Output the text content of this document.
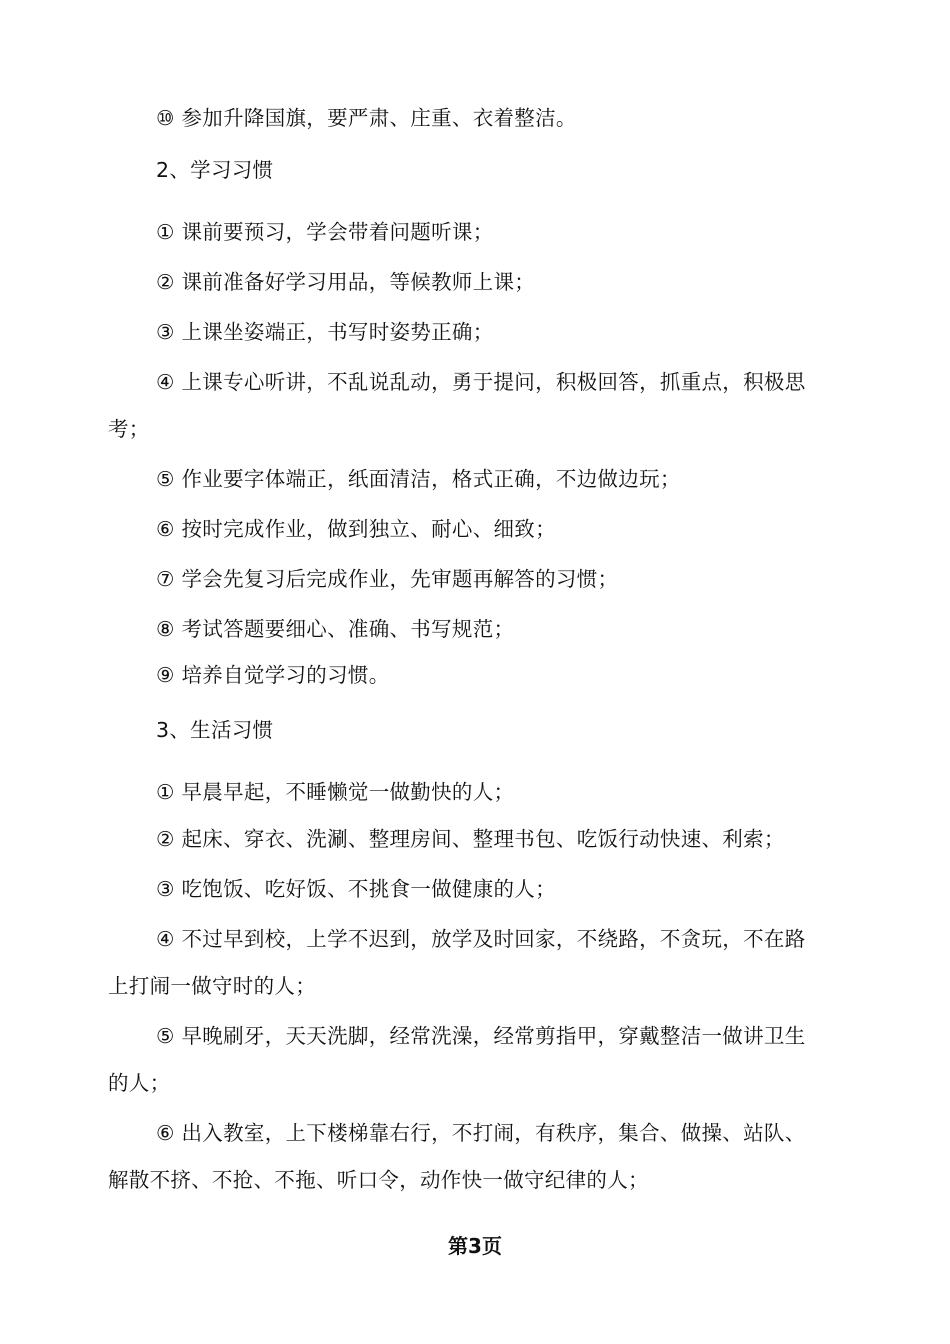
⑩ 参加升降国旗，要严肃、庄重、衣着整洁。
2、学习习惯
① 课前要预习，学会带着问题听课；
② 课前准备好学习用品，等候教师上课；
③ 上课坐姿端正，书写时姿势正确；
④ 上课专心听讲，不乱说乱动，勇于提问，积极回答，抓重点，积极思
考；
⑤ 作业要字体端正，纸面清洁，格式正确，不边做边玩；
⑥ 按时完成作业，做到独立、耐心、细致；
⑦ 学会先复习后完成作业，先审题再解答的习惯；
⑧ 考试答题要细心、准确、书写规范；
⑨ 培养自觉学习的习惯。
3、生活习惯
① 早晨早起，不睡懒觉一做勤快的人；
② 起床、穿衣、洗涮、整理房间、整理书包、吃饭行动快速、利索；
③ 吃饱饭、吃好饭、不挑食一做健康的人；
④ 不过早到校，上学不迟到，放学及时回家，不绕路，不贪玩，不在路
上打闹一做守时的人；
⑤ 早晚刷牙，天天洗脚，经常洗澡，经常剪指甲，穿戴整洁一做讲卫生
的人；
⑥ 出入教室，上下楼梯靠右行，不打闹，有秩序，集合、做操、站队、
解散不挤、不抢、不拖、听口令，动作快一做守纪律的人；
第3页
